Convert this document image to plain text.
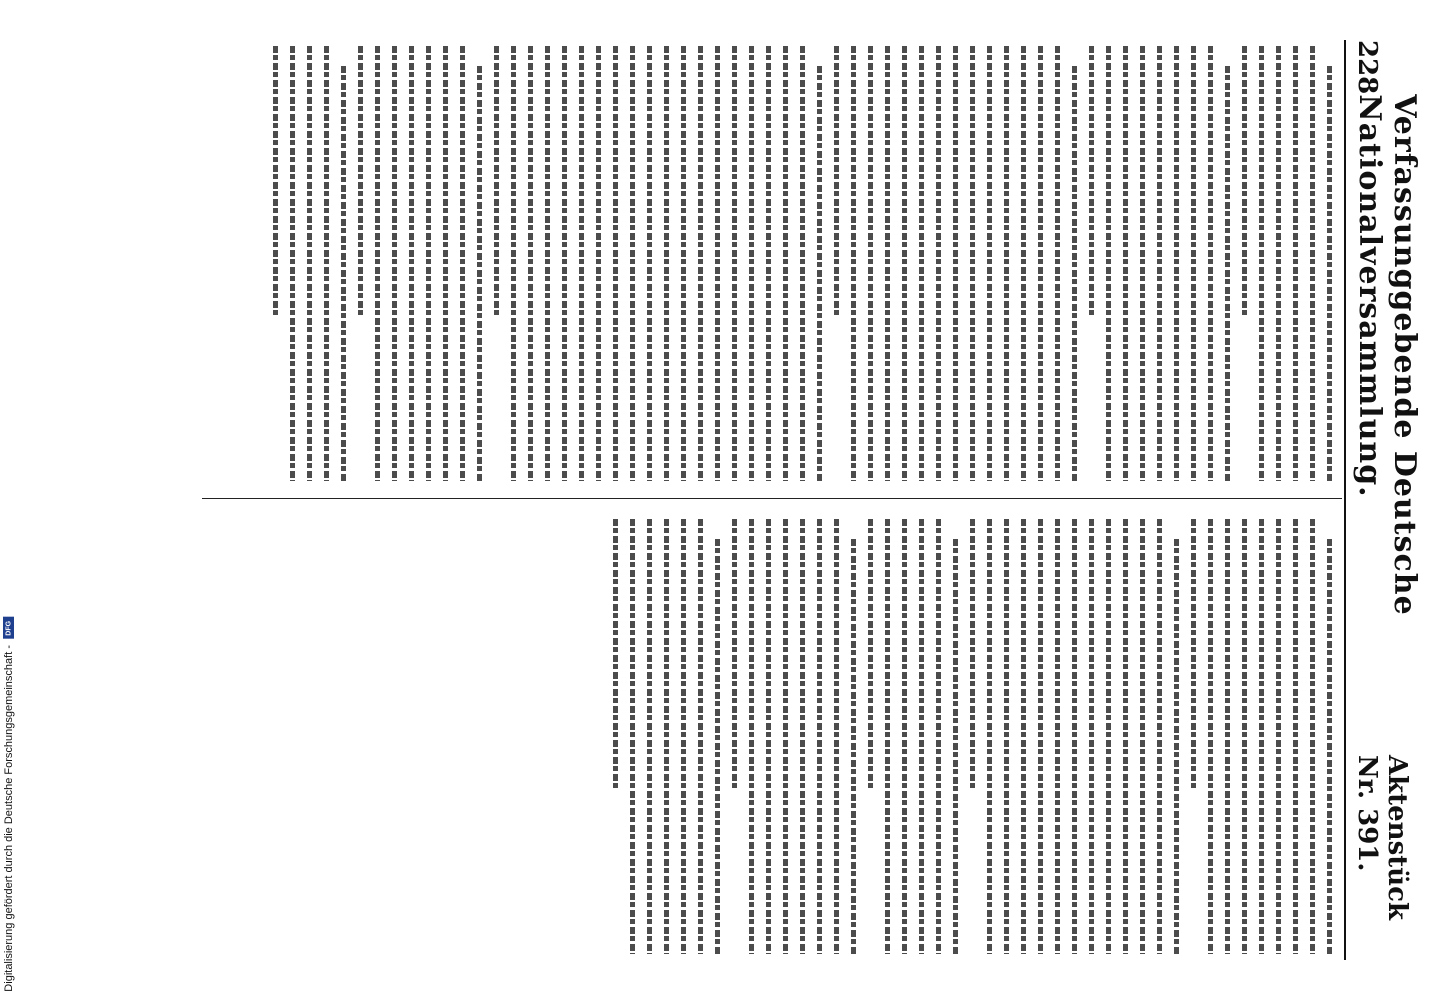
228
Verfassunggebende Deutsche Nationalversammlung.
Aktenstück Nr. 391.
Digitalisierung gefördert durch die Deutsche Forschungsgemeinschaft -
DFG
